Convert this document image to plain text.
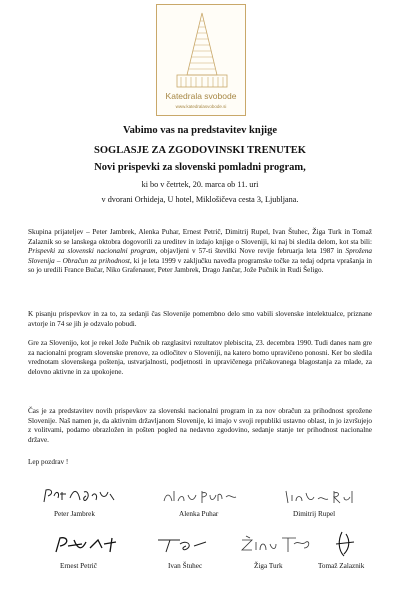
Katedrala svobode
www.katedralasvobode.si
Vabimo vas na predstavitev knjige
SOGLASJE ZA ZGODOVINSKI TRENUTEK
Novi prispevki za slovenski pomladni program,
ki bo v četrtek, 20. marca ob 11. uri
v dvorani Orhideja, U hotel, Miklošičeva cesta 3, Ljubljana.

Skupina prijateljev – Peter Jambrek, Alenka Puhar, Ernest Petrič, Dimitrij Rupel, Ivan Štuhec, Žiga Turk in Tomaž Zalaznik so se lanskega oktobra dogovorili za ureditev in izdajo knjige o Sloveniji, ki naj bi sledila delom, kot sta bili: Prispevki za slovenski nacionalni program, objavljeni v 57-ti številki Nove revije februarja leta 1987 in Sprožena Slovenija – Obračun za prihodnost, ki je leta 1999 v zaključku navedla programske točke za tedaj odprta vprašanja in so jo uredili France Bučar, Niko Grafenauer, Peter Jambrek, Drago Jančar, Jože Pučnik in Rudi Šeligo.

K pisanju prispevkov in za to, za sedanji čas Slovenije pomembno delo smo vabili slovenske intelektualce, priznane avtorje in 74 se jih je odzvalo pobudi.

Gre za Slovenijo, kot je rekel Jože Pučnik ob razglasitvi rezultatov plebiscita, 23. decembra 1990. Tudi danes nam gre za nacionalni program slovenske prenove, za odločitev o Sloveniji, na katero bomo upravičeno ponosni. Ker bo sledila vrednotam slovenskega poštenja, ustvarjalnosti, podjetnosti in upravičenega pričakovanega blagostanja za mlade, za delovno aktivne in za upokojene.

Čas je za predstavitev novih prispevkov za slovenski nacionalni program in za nov obračun za prihodnost sprožene Slovenije. Naš namen je, da aktivnim državljanom Slovenije, ki imajo v svoji republiki ustavno oblast, in jo izvršujejo z volitvami, podamo obrazložen in pošten pogled na nedavno zgodovino, sedanje stanje ter prihodnost nacionalne države.

Lep pozdrav !
Peter Jambrek	Alenka Puhar	Dimitrij Rupel
Ernest Petrič	Ivan Štuhec	Žiga Turk	Tomaž Zalaznik
